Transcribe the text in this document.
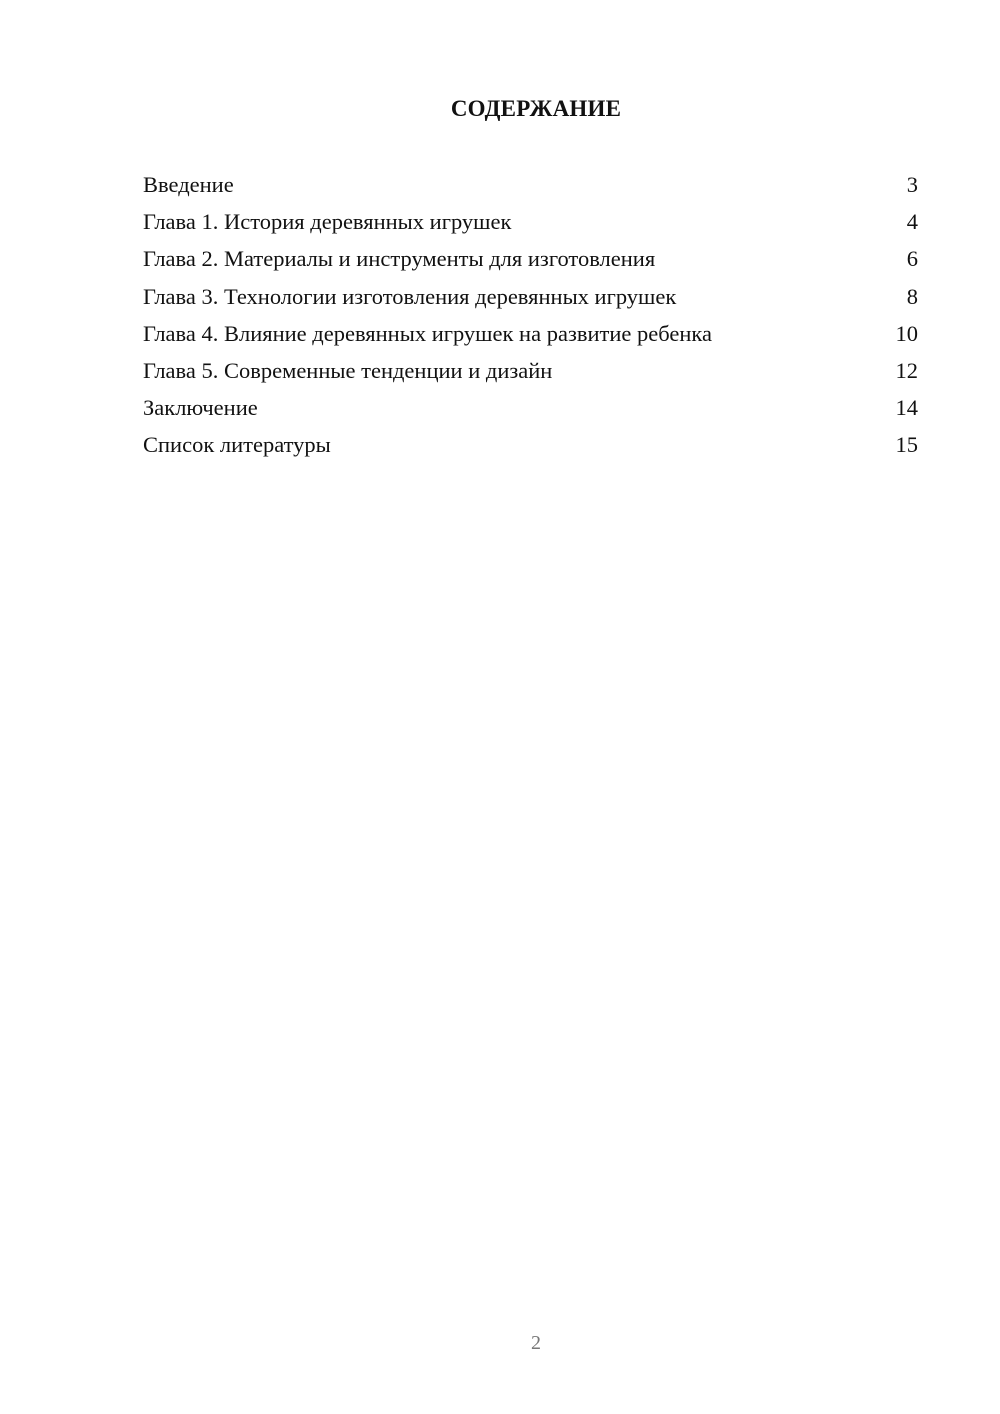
СОДЕРЖАНИЕ
Введение	3
Глава 1. История деревянных игрушек	4
Глава 2. Материалы и инструменты для изготовления	6
Глава 3. Технологии изготовления деревянных игрушек	8
Глава 4. Влияние деревянных игрушек на развитие ребенка	10
Глава 5. Современные тенденции и дизайн	12
Заключение	14
Список литературы	15
2
